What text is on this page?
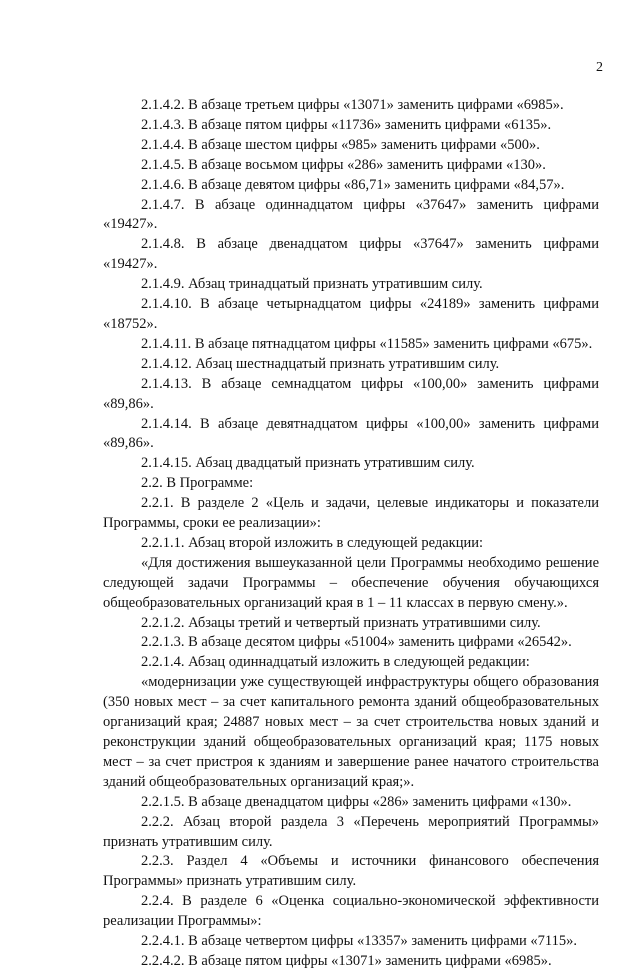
2

2.1.4.2. В абзаце третьем цифры «13071» заменить цифрами «6985».

2.1.4.3. В абзаце пятом цифры «11736» заменить цифрами «6135».

2.1.4.4. В абзаце шестом цифры «985» заменить цифрами «500».

2.1.4.5. В абзаце восьмом цифры «286» заменить цифрами «130».

2.1.4.6. В абзаце девятом цифры «86,71» заменить цифрами «84,57».

2.1.4.7. В абзаце одиннадцатом цифры «37647» заменить цифрами «19427».

2.1.4.8. В абзаце двенадцатом цифры «37647» заменить цифрами «19427».

2.1.4.9. Абзац тринадцатый признать утратившим силу.

2.1.4.10. В абзаце четырнадцатом цифры «24189» заменить цифрами «18752».

2.1.4.11. В абзаце пятнадцатом цифры «11585» заменить цифрами «675».

2.1.4.12. Абзац шестнадцатый признать утратившим силу.

2.1.4.13. В абзаце семнадцатом цифры «100,00» заменить цифрами «89,86».

2.1.4.14. В абзаце девятнадцатом цифры «100,00» заменить цифрами «89,86».

2.1.4.15. Абзац двадцатый признать утратившим силу.

2.2. В Программе:

2.2.1. В разделе 2 «Цель и задачи, целевые индикаторы и показатели Программы, сроки ее реализации»:

2.2.1.1. Абзац второй изложить в следующей редакции:

«Для достижения вышеуказанной цели Программы необходимо решение следующей задачи Программы – обеспечение обучения обучающихся общеобразовательных организаций края в 1 – 11 классах в первую смену.».

2.2.1.2. Абзацы третий и четвертый признать утратившими силу.

2.2.1.3. В абзаце десятом цифры «51004» заменить цифрами «26542».

2.2.1.4. Абзац одиннадцатый изложить в следующей редакции:

«модернизации уже существующей инфраструктуры общего образования (350 новых мест – за счет капитального ремонта зданий общеобразовательных организаций края; 24887 новых мест – за счет строительства новых зданий и реконструкции зданий общеобразовательных организаций края; 1175 новых мест – за счет пристроя к зданиям и завершение ранее начатого строительства зданий общеобразовательных организаций края;».

2.2.1.5. В абзаце двенадцатом цифры «286» заменить цифрами «130».

2.2.2. Абзац второй раздела 3 «Перечень мероприятий Программы» признать утратившим силу.

2.2.3. Раздел 4 «Объемы и источники финансового обеспечения Программы» признать утратившим силу.

2.2.4. В разделе 6 «Оценка социально-экономической эффективности реализации Программы»:

2.2.4.1. В абзаце четвертом цифры «13357» заменить цифрами «7115».

2.2.4.2. В абзаце пятом цифры «13071» заменить цифрами «6985».
